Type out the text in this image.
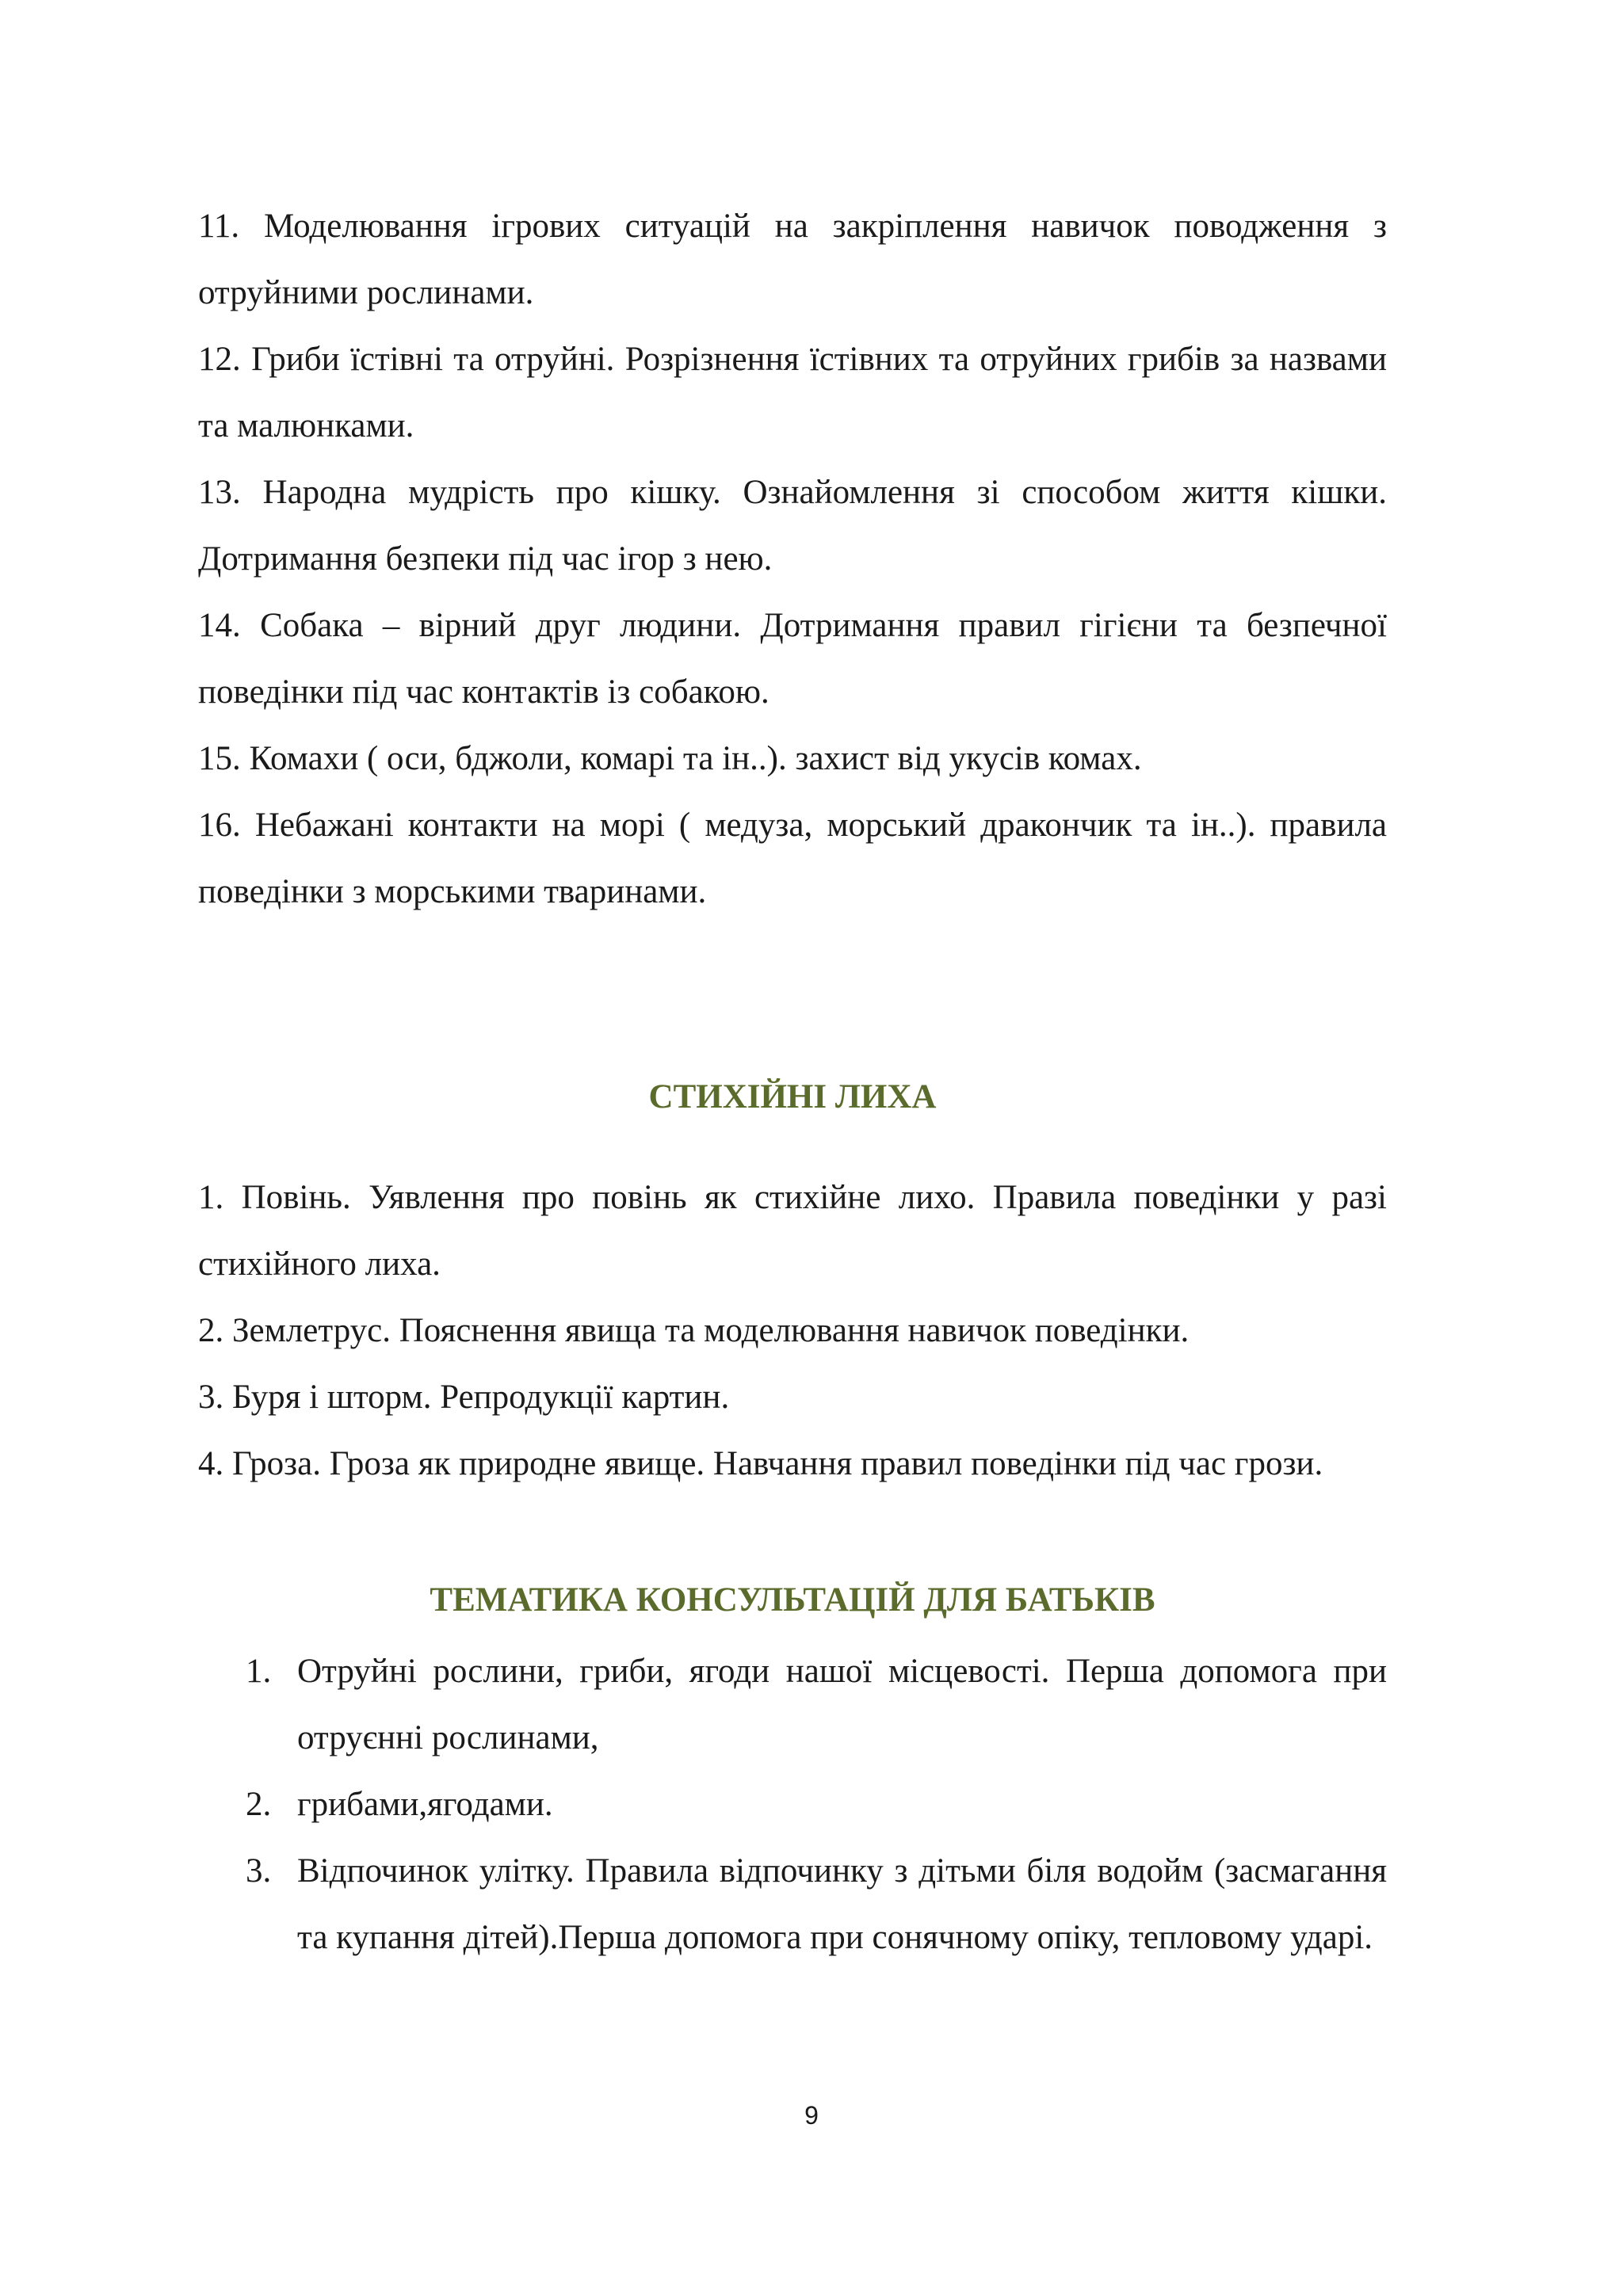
11. Моделювання ігрових ситуацій на закріплення навичок поводження з отруйними рослинами.

12. Гриби їстівні та отруйні. Розрізнення їстівних та отруйних грибів за назвами та малюнками.

13. Народна мудрість про кішку. Ознайомлення зі способом життя кішки. Дотримання безпеки під час ігор з нею.

14. Собака – вірний друг людини. Дотримання правил гігієни та безпечної поведінки під час контактів із собакою.

15. Комахи ( оси, бджоли, комарі та ін..). захист від укусів комах.

16. Небажані контакти на морі ( медуза, морський дракончик та ін..). правила поведінки з морськими тваринами.

СТИХІЙНІ ЛИХА

1. Повінь. Уявлення про повінь як стихійне лихо. Правила поведінки у разі стихійного лиха.

2. Землетрус. Пояснення явища та моделювання навичок поведінки.

3. Буря і шторм. Репродукції картин.

4. Гроза. Гроза як природне явище. Навчання правил поведінки під час грози.

ТЕМАТИКА КОНСУЛЬТАЦІЙ ДЛЯ БАТЬКІВ
1. Отруйні рослини, гриби, ягоди нашої місцевості. Перша допомога при отруєнні рослинами,
2. грибами,ягодами.
3. Відпочинок улітку. Правила відпочинку з дітьми біля водойм (засмагання та купання дітей).Перша допомога при сонячному опіку, тепловому ударі.
9
